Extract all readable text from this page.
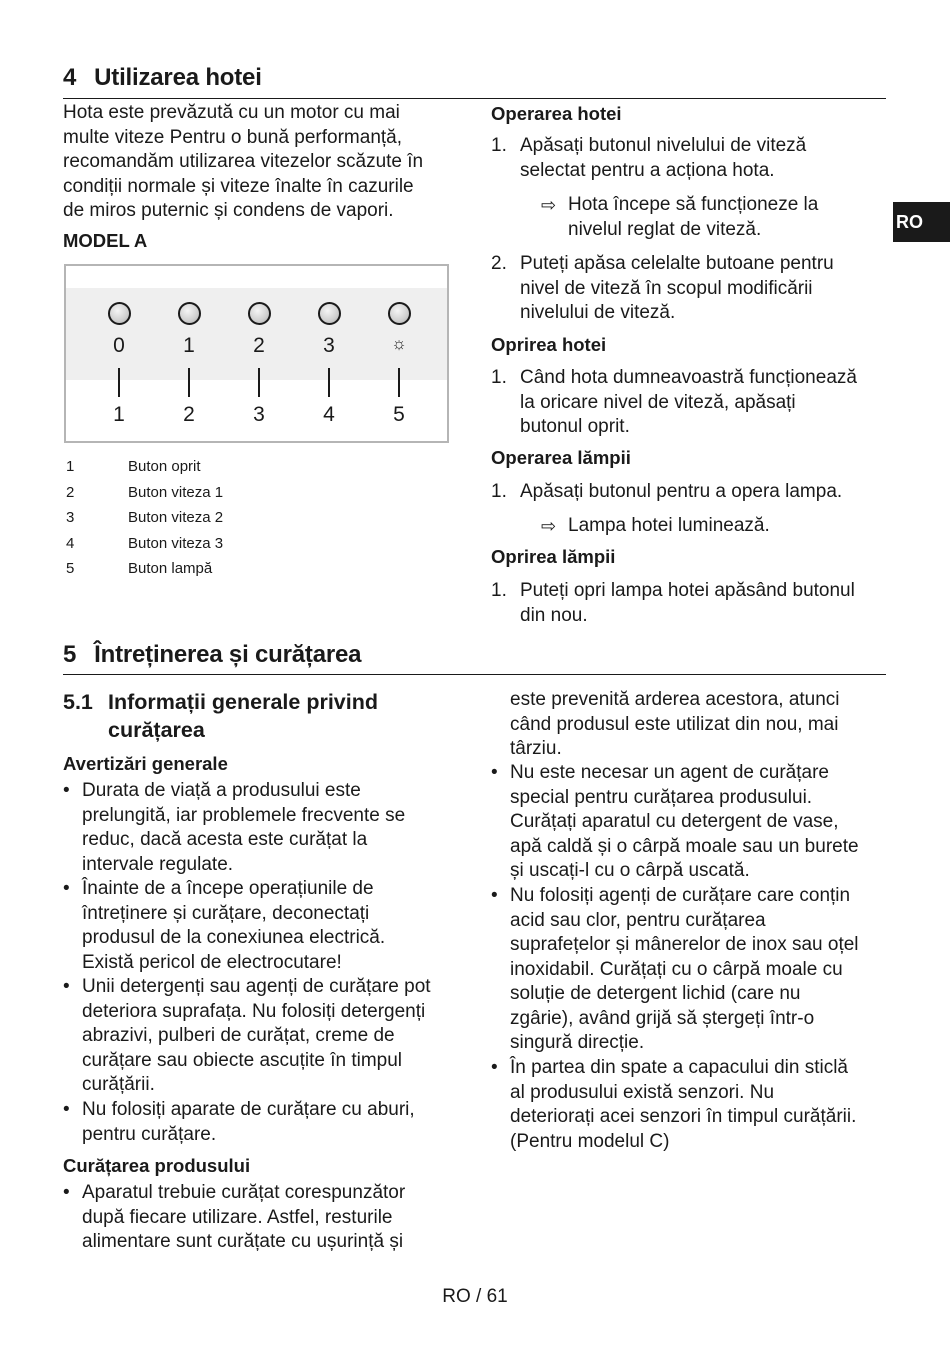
RO
4 Utilizarea hotei
Hota este prevăzută cu un motor cu mai
multe viteze Pentru o bună performanță,
recomandăm utilizarea vitezelor scăzute în
condiții normale și viteze înalte în cazurile
de miros puternic și condens de vapori.
MODEL A
0	1	2	3	☼
1	2	3	4	5
1	Buton oprit
2	Buton viteza 1
3	Buton viteza 2
4	Buton viteza 3
5	Buton lampă
Operarea hotei
1. Apăsați butonul nivelului de viteză
selectat pentru a acționa hota.
⇨ Hota începe să funcționeze la
nivelul reglat de viteză.
2. Puteți apăsa celelalte butoane pentru
nivel de viteză în scopul modificării
nivelului de viteză.
Oprirea hotei
1. Când hota dumneavoastră funcționează
la oricare nivel de viteză, apăsați
butonul oprit.
Operarea lămpii
1. Apăsați butonul pentru a opera lampa.
⇨ Lampa hotei luminează.
Oprirea lămpii
1. Puteți opri lampa hotei apăsând butonul
din nou.
5 Întreținerea și curățarea
5.1 Informații generale privind
curățarea
Avertizări generale
• Durata de viață a produsului este
prelungită, iar problemele frecvente se
reduc, dacă acesta este curățat la
intervale regulate.
• Înainte de a începe operațiunile de
întreținere și curățare, deconectați
produsul de la conexiunea electrică.
Există pericol de electrocutare!
• Unii detergenți sau agenți de curățare pot
deteriora suprafața. Nu folosiți detergenți
abrazivi, pulberi de curățat, creme de
curățare sau obiecte ascuțite în timpul
curățării.
• Nu folosiți aparate de curățare cu aburi,
pentru curățare.
Curățarea produsului
• Aparatul trebuie curățat corespunzător
după fiecare utilizare. Astfel, resturile
alimentare sunt curățate cu ușurință și
este prevenită arderea acestora, atunci
când produsul este utilizat din nou, mai
târziu.
• Nu este necesar un agent de curățare
special pentru curățarea produsului.
Curățați aparatul cu detergent de vase,
apă caldă și o cârpă moale sau un burete
și uscați-l cu o cârpă uscată.
• Nu folosiți agenți de curățare care conțin
acid sau clor, pentru curățarea
suprafețelor și mânerelor de inox sau oțel
inoxidabil. Curățați cu o cârpă moale cu
soluție de detergent lichid (care nu
zgârie), având grijă să ștergeți într-o
singură direcție.
• În partea din spate a capacului din sticlă
al produsului există senzori. Nu
deteriorați acei senzori în timpul curățării.
(Pentru modelul C)
RO / 61
